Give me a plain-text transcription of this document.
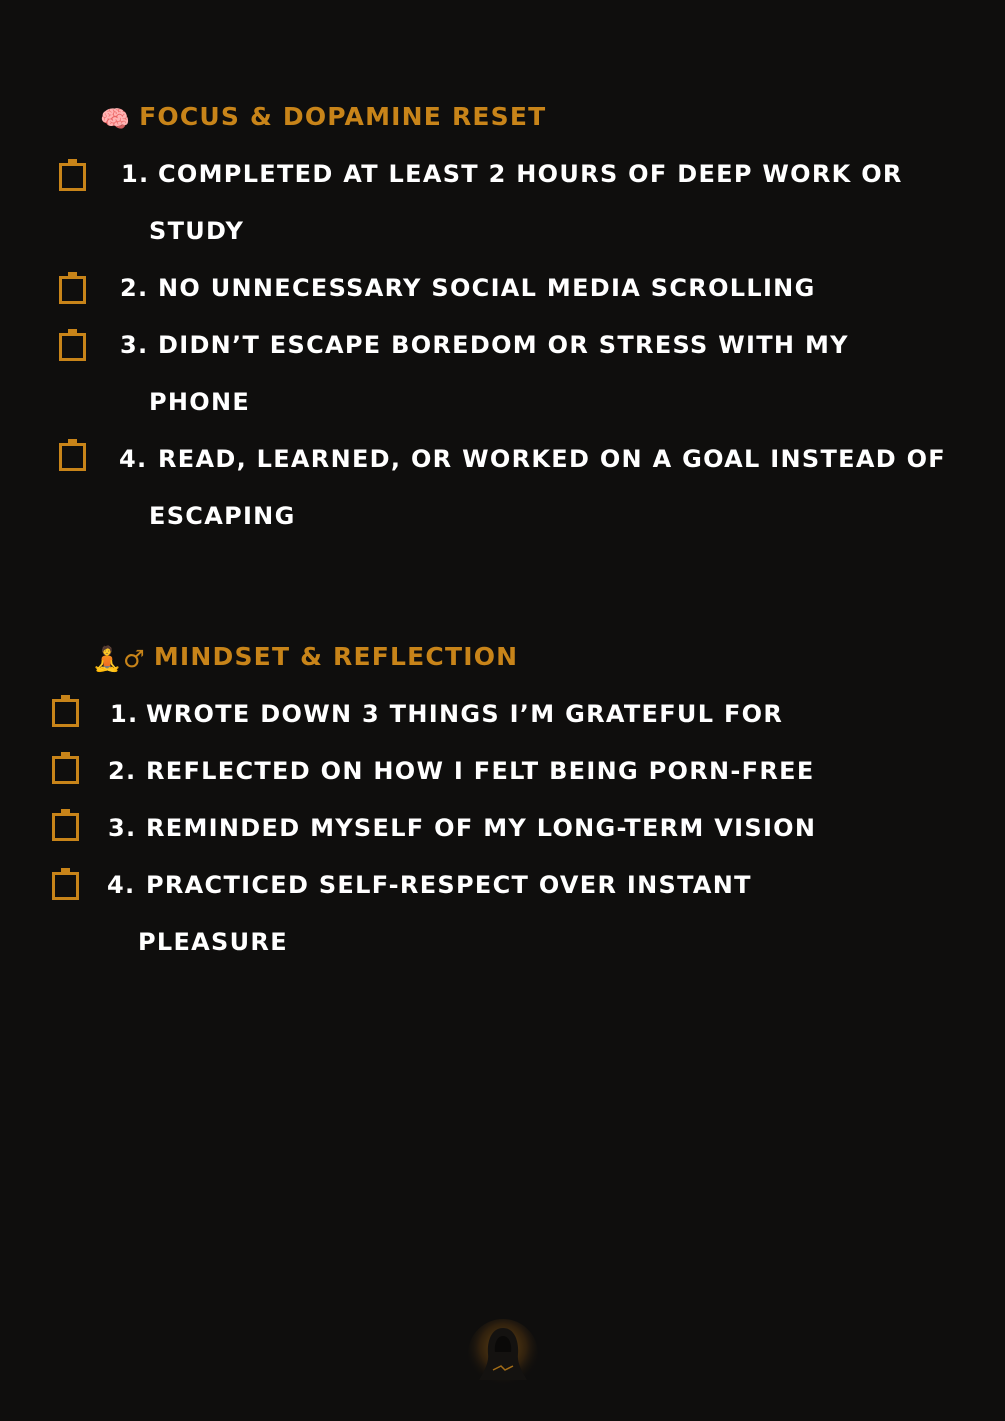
🧠 FOCUS & DOPAMINE RESET
1. COMPLETED AT LEAST 2 HOURS OF DEEP WORK OR
STUDY
2. NO UNNECESSARY SOCIAL MEDIA SCROLLING
3. DIDN’T ESCAPE BOREDOM OR STRESS WITH MY
PHONE
4. READ, LEARNED, OR WORKED ON A GOAL INSTEAD OF
ESCAPING
🧘♂ MINDSET & REFLECTION
1. WROTE DOWN 3 THINGS I’M GRATEFUL FOR
2. REFLECTED ON HOW I FELT BEING PORN-FREE
3. REMINDED MYSELF OF MY LONG-TERM VISION
4. PRACTICED SELF-RESPECT OVER INSTANT
PLEASURE
